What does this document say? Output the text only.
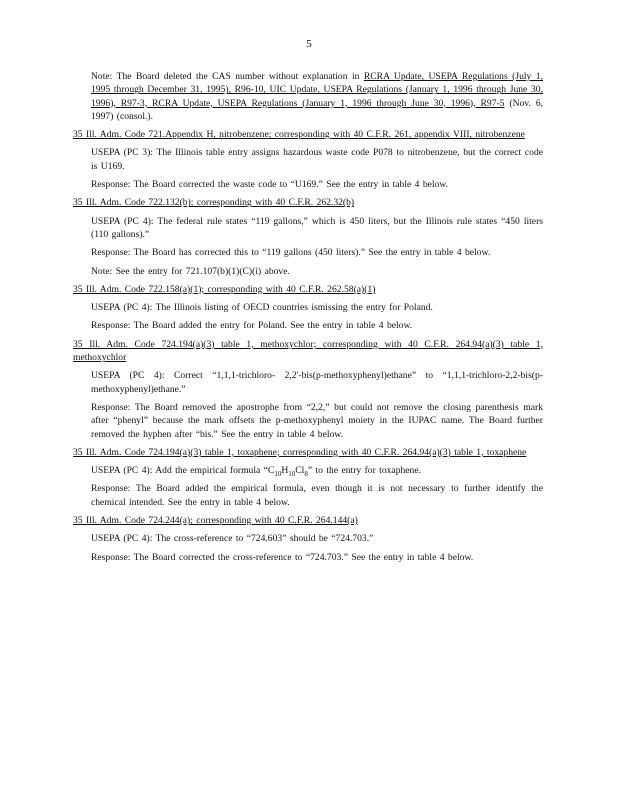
5
Note: The Board deleted the CAS number without explanation in RCRA Update, USEPA Regulations (July 1, 1995 through December 31, 1995), R96-10, UIC Update, USEPA Regulations (January 1, 1996 through June 30, 1996), R97-3, RCRA Update, USEPA Regulations (January 1, 1996 through June 30, 1996), R97-5 (Nov. 6, 1997) (consol.).
35 Ill. Adm. Code 721.Appendix H, nitrobenzene; corresponding with 40 C.F.R. 261, appendix VIII, nitrobenzene
USEPA (PC 3): The Illinois table entry assigns hazardous waste code P078 to nitrobenzene, but the correct code is U169.
Response: The Board corrected the waste code to “U169.” See the entry in table 4 below.
35 Ill. Adm. Code 722.132(b); corresponding with 40 C.F.R. 262.32(b)
USEPA (PC 4): The federal rule states “119 gallons,” which is 450 liters, but the Illinois rule states “450 liters (110 gallons).”
Response: The Board has corrected this to “119 gallons (450 liters).” See the entry in table 4 below.
Note: See the entry for 721.107(b)(1)(C)(i) above.
35 Ill. Adm. Code 722.158(a)(1); corresponding with 40 C.F.R. 262.58(a)(1)
USEPA (PC 4): The Illinois listing of OECD countries ismissing the entry for Poland.
Response: The Board added the entry for Poland. See the entry in table 4 below.
35 Ill. Adm. Code 724.194(a)(3) table 1, methoxychlor; corresponding with 40 C.F.R. 264.94(a)(3) table 1, methoxychlor
USEPA (PC 4): Correct “1,1,1-trichloro- 2,2'-bis(p-methoxyphenyl)ethane” to “1,1,1-trichloro-2,2-bis(p-methoxyphenyl)ethane.”
Response: The Board removed the apostrophe from “2,2,” but could not remove the closing parenthesis mark after “phenyl” because the mark offsets the p-methoxyphenyl moiety in the IUPAC name. The Board further removed the hyphen after “bis.” See the entry in table 4 below.
35 Ill. Adm. Code 724.194(a)(3) table 1, toxaphene; corresponding with 40 C.F.R. 264.94(a)(3) table 1, toxaphene
USEPA (PC 4): Add the empirical formula “$C_{10}H_{10}Cl_8$” to the entry for toxaphene.
Response: The Board added the empirical formula, even though it is not necessary to further identify the chemical intended. See the entry in table 4 below.
35 Ill. Adm. Code 724.244(a); corresponding with 40 C.F.R. 264.144(a)
USEPA (PC 4): The cross-reference to “724.603” should be “724.703.”
Response: The Board corrected the cross-reference to “724.703.” See the entry in table 4 below.
